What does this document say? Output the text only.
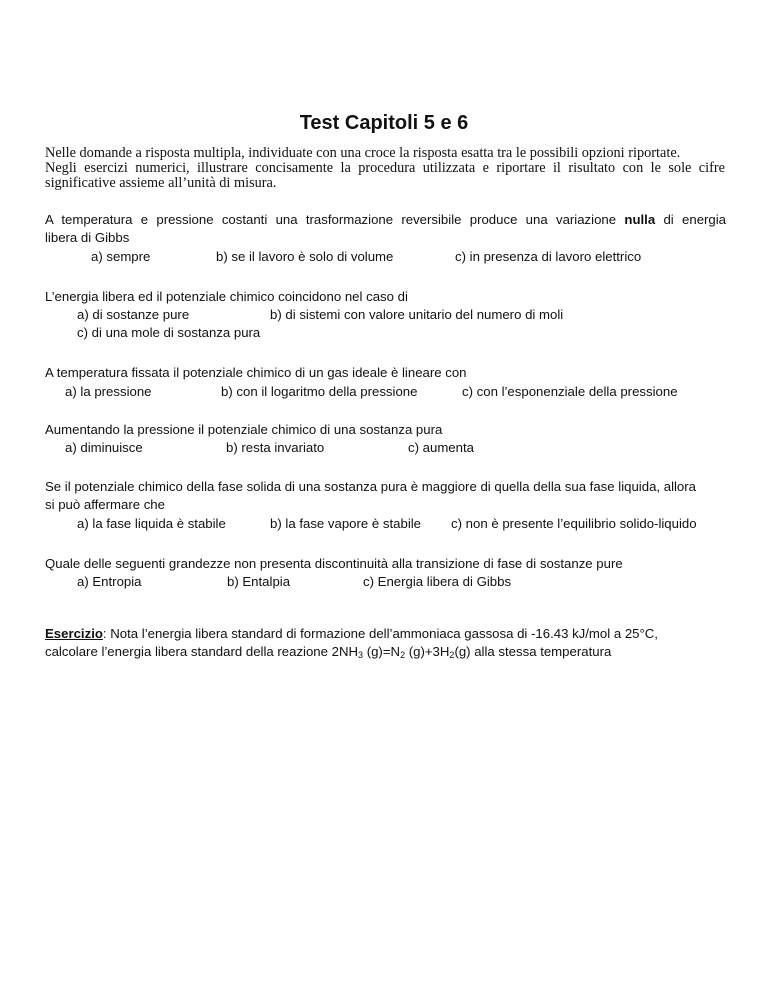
Test Capitoli 5 e 6
Nelle domande a risposta multipla, individuate con una croce la risposta esatta tra le possibili opzioni riportate.
Negli esercizi numerici, illustrare concisamente la procedura utilizzata e riportare il risultato con le sole cifre
significative assieme all’unità di misura.
A temperatura e pressione costanti una trasformazione reversibile produce una variazione nulla di energia
libera di Gibbs
a) sempre	b) se il lavoro è solo di volume	c) in presenza di lavoro elettrico
L’energia libera ed il potenziale chimico coincidono nel caso di
a) di sostanze pure	b) di sistemi con valore unitario del numero di moli
c) di una mole di sostanza pura
A temperatura fissata il potenziale chimico di un gas ideale è lineare con
a) la pressione	b) con il logaritmo della pressione	c) con l’esponenziale della pressione
Aumentando la pressione il potenziale chimico di una sostanza pura
a) diminuisce	b) resta invariato	c) aumenta
Se il potenziale chimico della fase solida di una sostanza pura è maggiore di quella della sua fase liquida, allora
si può affermare che
a) la fase liquida è stabile	b) la fase vapore è stabile c) non è presente l’equilibrio solido-liquido
Quale delle seguenti grandezze non presenta discontinuità alla transizione di fase di sostanze pure
a) Entropia	b) Entalpia	c) Energia libera di Gibbs
Esercizio: Nota l’energia libera standard di formazione dell’ammoniaca gassosa di -16.43 kJ/mol a 25°C,
calcolare l’energia libera standard della reazione $2NH_3$ $(g)=N_2$ $(g)+3H_2(g)$ alla stessa temperatura
